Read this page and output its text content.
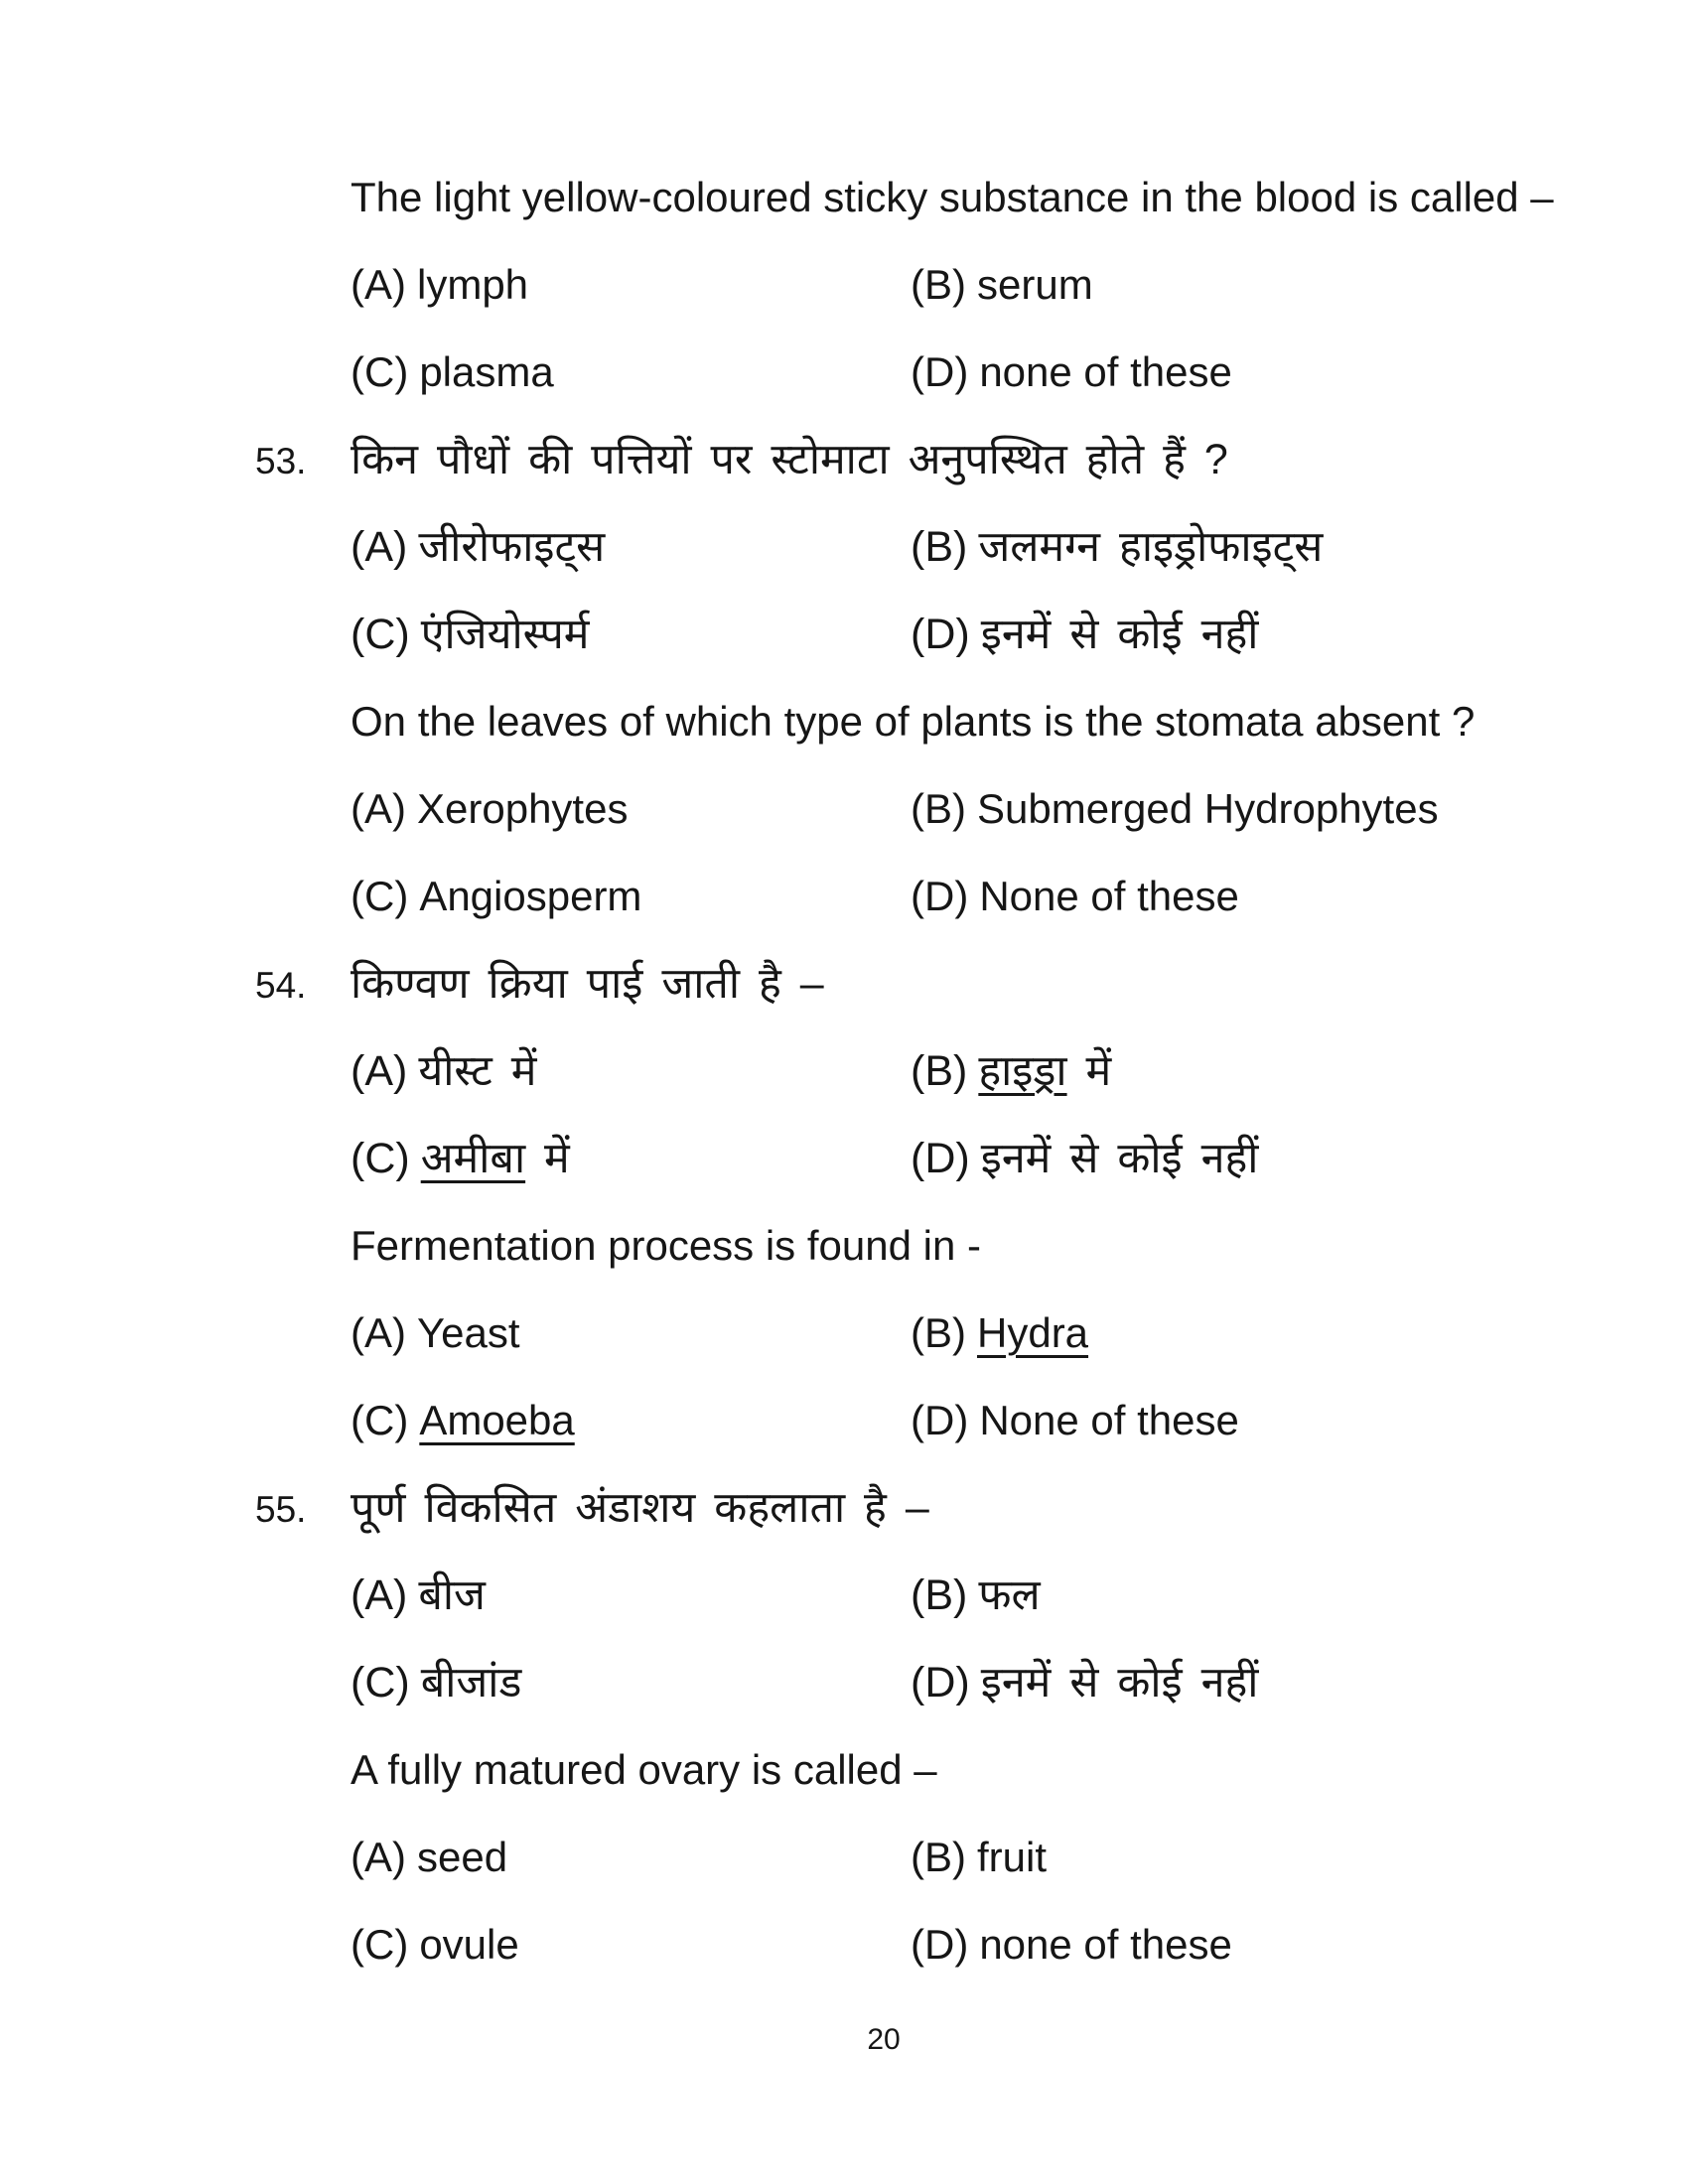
The light yellow-coloured sticky substance in the blood is called –
(A) lymph	(B) serum
(C) plasma	(D) none of these
53. किन पौधों की पत्तियों पर स्टोमाटा अनुपस्थित होते हैं ?
(A) जीरोफाइट्स	(B) जलमग्न हाइड्रोफाइट्स
(C) एंजियोस्पर्म	(D) इनमें से कोई नहीं
On the leaves of which type of plants is the stomata absent ?
(A) Xerophytes	(B) Submerged Hydrophytes
(C) Angiosperm	(D) None of these
54. किण्वण क्रिया पाई जाती है –
(A) यीस्ट में	(B) हाइड्रा में
(C) अमीबा में	(D) इनमें से कोई नहीं
Fermentation process is found in -
(A) Yeast	(B) Hydra
(C) Amoeba	(D) None of these
55. पूर्ण विकसित अंडाशय कहलाता है –
(A) बीज	(B) फल
(C) बीजांड	(D) इनमें से कोई नहीं
A fully matured ovary is called –
(A) seed	(B) fruit
(C) ovule	(D) none of these
20
